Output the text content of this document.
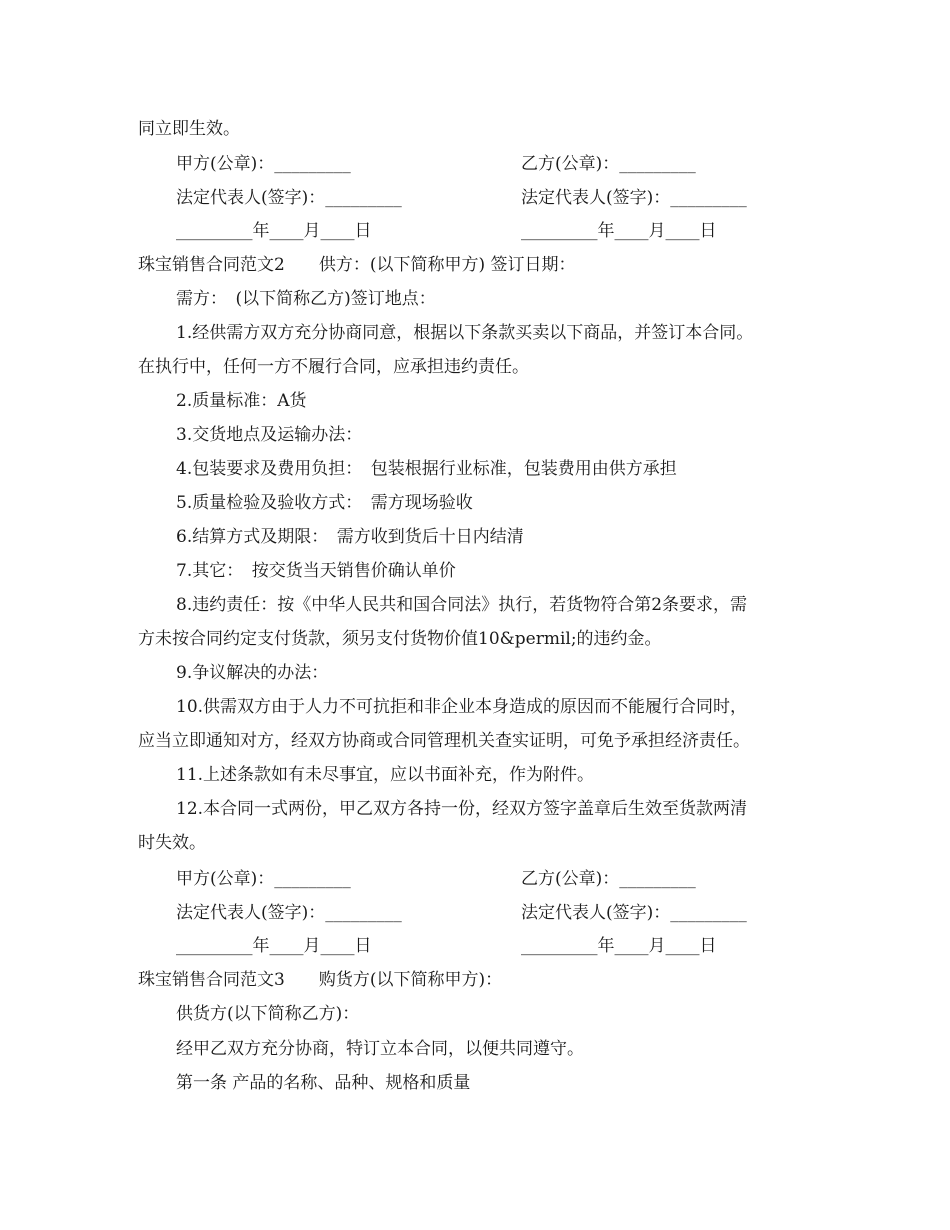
同立即生效。
甲方(公章)：_________	乙方(公章)：_________
法定代表人(签字)：_________	法定代表人(签字)：_________
_________年____月____日	_________年____月____日
珠宝销售合同范文2　　供方：(以下简称甲方) 签订日期：
需方：　(以下简称乙方)签订地点：
1.经供需方双方充分协商同意，根据以下条款买卖以下商品，并签订本合同。
在执行中，任何一方不履行合同，应承担违约责任。
2.质量标准：A货
3.交货地点及运输办法：
4.包装要求及费用负担：　包装根据行业标准，包装费用由供方承担
5.质量检验及验收方式：　需方现场验收
6.结算方式及期限：　需方收到货后十日内结清
7.其它：　按交货当天销售价确认单价
8.违约责任：按《中华人民共和国合同法》执行，若货物符合第2条要求，需
方未按合同约定支付货款，须另支付货物价值10&permil;的违约金。
9.争议解决的办法：
10.供需双方由于人力不可抗拒和非企业本身造成的原因而不能履行合同时，
应当立即通知对方，经双方协商或合同管理机关查实证明，可免予承担经济责任。
11.上述条款如有未尽事宜，应以书面补充，作为附件。
12.本合同一式两份，甲乙双方各持一份，经双方签字盖章后生效至货款两清
时失效。
甲方(公章)：_________	乙方(公章)：_________
法定代表人(签字)：_________	法定代表人(签字)：_________
_________年____月____日	_________年____月____日
珠宝销售合同范文3　　购货方(以下简称甲方)：
供货方(以下简称乙方)：
经甲乙双方充分协商，特订立本合同，以便共同遵守。
第一条 产品的名称、品种、规格和质量
